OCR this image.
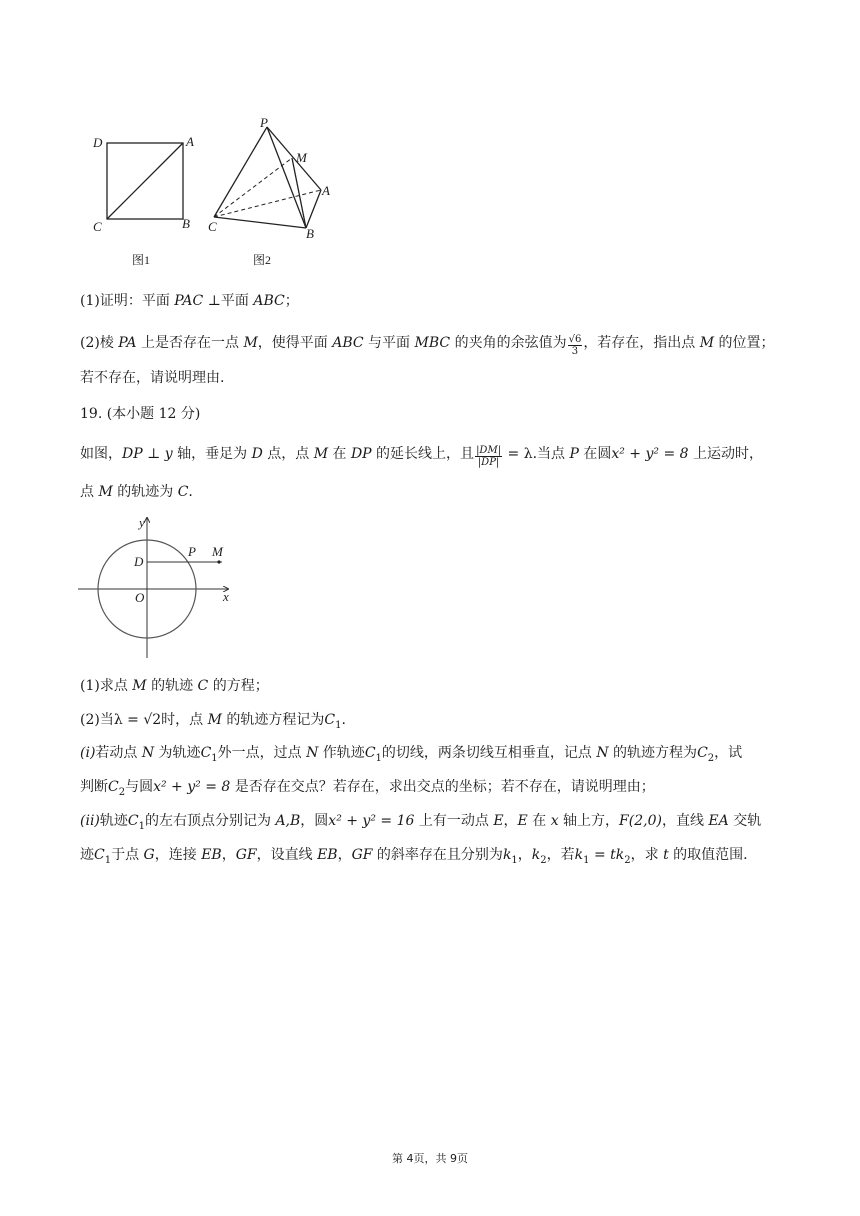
D	A
C	B
图1
P
M
A
C	B
图2
(1)证明：平面 PAC ⊥平面 ABC；
(2)棱 PA 上是否存在一点 M，使得平面 ABC 与平面 MBC 的夹角的余弦值为 $\frac{√6}{3}$ ，若存在，指出点 M 的位置；
若不存在，请说明理由.
19. (本小题 12 分)
如图，DP ⊥ y 轴，垂足为 D 点，点 M 在 DP 的延长线上，且 $\frac{|DM|}{|DP|} = \lambda$.当点 P 在圆x² + y² = 8 上运动时，
点 M 的轨迹为 C.
y
x
D
P M
O
(1)求点 M 的轨迹 C 的方程；
(2)当λ = √2时，点 M 的轨迹方程记为$C_1$.
(i)若动点 N 为轨迹$C_1$外一点，过点 N 作轨迹$C_1$的切线，两条切线互相垂直，记点 N 的轨迹方程为$C_2$，试
判断$C_2$与圆x² + y² = 8 是否存在交点？若存在，求出交点的坐标；若不存在，请说明理由；
(ii)轨迹$C_1$的左右顶点分别记为 A,B，圆x² + y² = 16 上有一动点 E，E 在 x 轴上方，F(2,0)，直线 EA 交轨
迹$C_1$于点 G，连接 EB，GF，设直线 EB，GF 的斜率存在且分别为$k_1$，$k_2$，若$k_1 = tk_2$，求 t 的取值范围.
第 4页，共 9页
